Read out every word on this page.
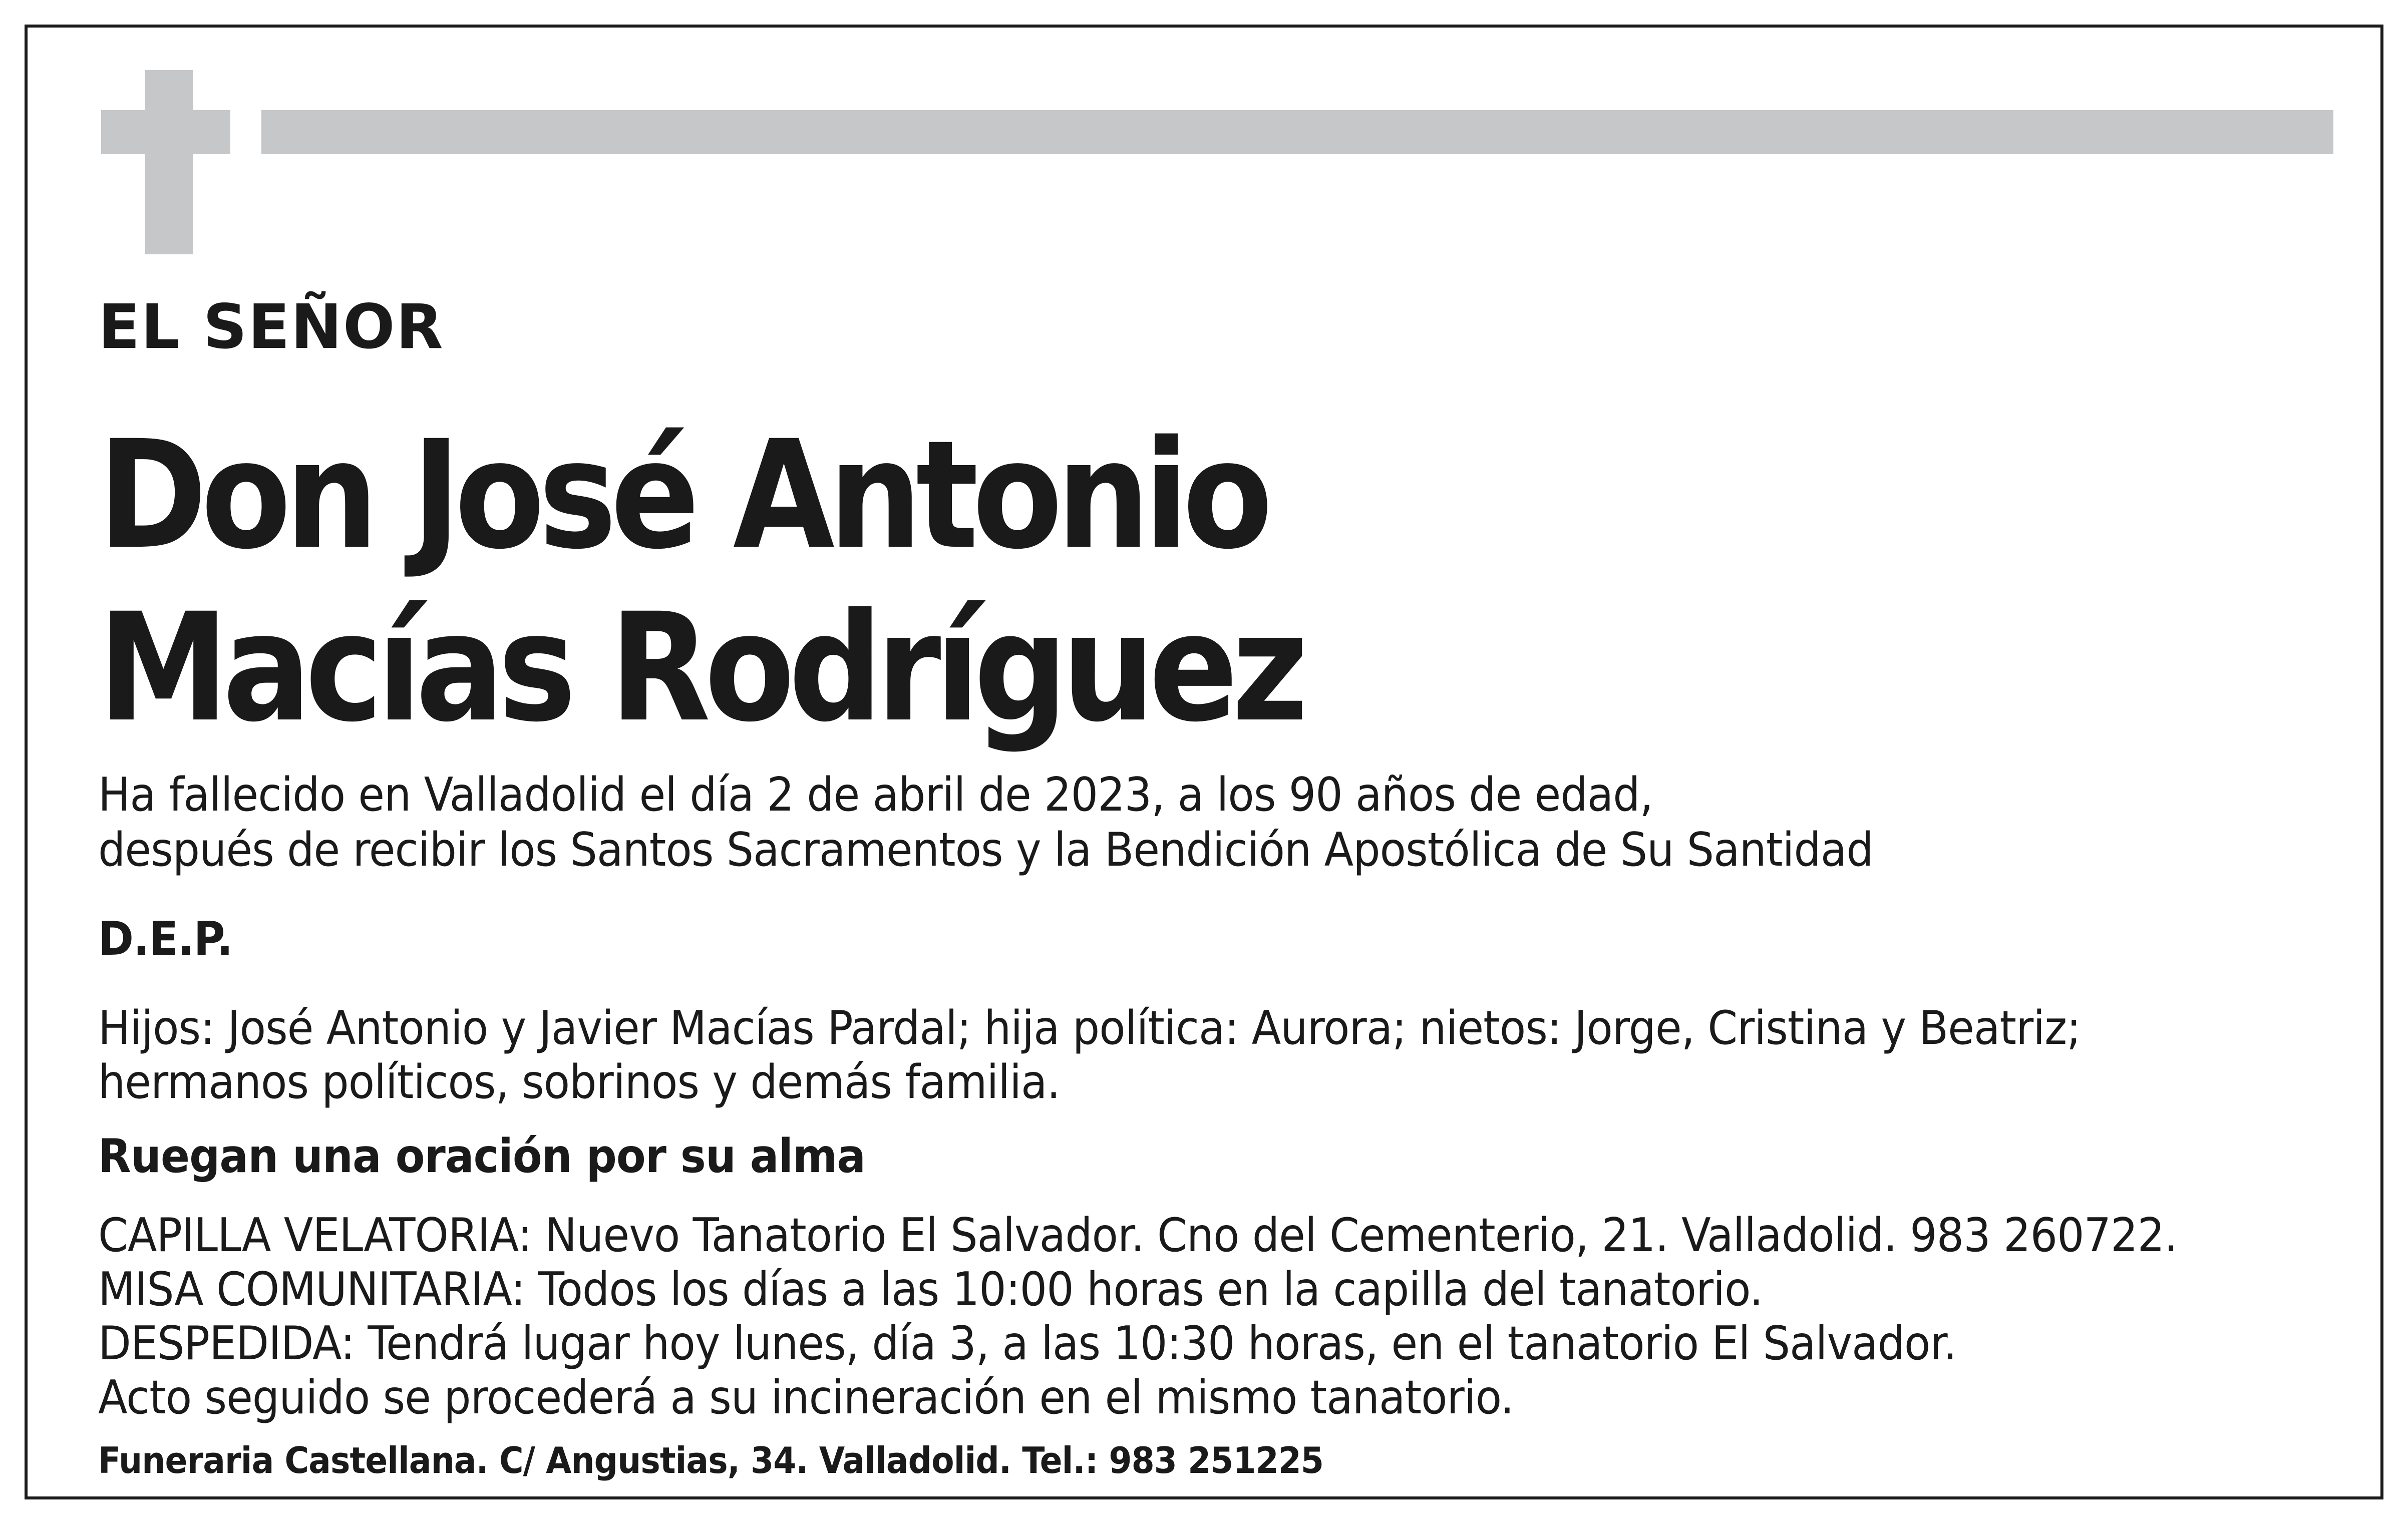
EL SEÑOR

Don José Antonio

Macías Rodríguez

Ha fallecido en Valladolid el día 2 de abril de 2023, a los 90 años de edad,

después de recibir los Santos Sacramentos y la Bendición Apostólica de Su Santidad

D.E.P.

Hijos: José Antonio y Javier Macías Pardal; hija política: Aurora; nietos: Jorge, Cristina y Beatriz;

hermanos políticos, sobrinos y demás familia.

Ruegan una oración por su alma

CAPILLA VELATORIA: Nuevo Tanatorio El Salvador. Cno del Cementerio, 21. Valladolid. 983 260722.

MISA COMUNITARIA: Todos los días a las 10:00 horas en la capilla del tanatorio.

DESPEDIDA: Tendrá lugar hoy lunes, día 3, a las 10:30 horas, en el tanatorio El Salvador.

Acto seguido se procederá a su incineración en el mismo tanatorio.

Funeraria Castellana. C/ Angustias, 34. Valladolid. Tel.: 983 251225
